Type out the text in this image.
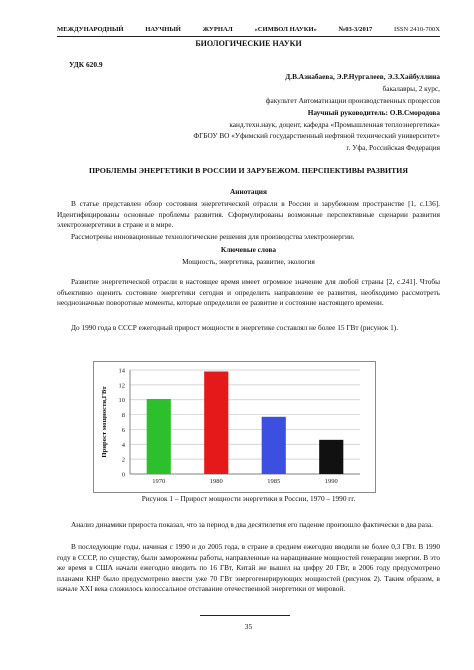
МЕЖДУНАРОДНЫЙ	НАУЧНЫЙ	ЖУРНАЛ	«СИМВОЛ НАУКИ»	№03-3/2017	ISSN 2410-700Х
БИОЛОГИЧЕСКИЕ НАУКИ
УДК 620.9
Д.В.Азнабаева, Э.Р.Нургалеев, Э.З.Хайбуллина
бакалавры, 2 курс,
факультет Автоматизации производственных процессов
Научный руководитель: О.В.Смородова
канд.техн.наук, доцент, кафедра «Промышленная теплоэнергетика»
ФГБОУ ВО «Уфимский государственный нефтяной технический университет»
г. Уфа, Российская Федерация
ПРОБЛЕМЫ ЭНЕРГЕТИКИ В РОССИИ И ЗАРУБЕЖОМ. ПЕРСПЕКТИВЫ РАЗВИТИЯ
Аннотация

В статье представлен обзор состояния энергетической отрасли в России и зарубежном пространстве [1, с.136]. Идентифицированы основные проблемы развития. Сформулированы возможные перспективные сценарии развития электроэнергетики в стране и в мире.

Рассмотрены инновационные технологические решения для производства электроэнергии.

Ключевые слова
Мощность, энергетика, развитие, экология

Развитие энергетической отрасли в настоящее время имеет огромное значение для любой страны [2, с.241]. Чтобы объективно оценить состояние энергетики сегодня и определить направление ее развития, необходимо рассмотреть неоднозначные поворотные моменты, которые определили ее развитие и состояние настоящего времени.

До 1990 года в СССР ежегодный прирост мощности в энергетике составлял не более 15 ГВт (рисунок 1).

0
2
4
6
8
10
12
14
1970	1980	1985	1990
Прирост мощности,ГВт
Рисунок 1 – Прирост мощности энергетики в России, 1970 – 1990 гг.

Анализ динамики прироста показал, что за период в два десятилетия его падение произошло фактически в два раза.

В последующие годы, начиная с 1990 и до 2005 года, в стране в среднем ежегодно вводили не более 0,3 ГВт. В 1990 году в СССР, по существу, были заморожены работы, направленные на наращивание мощностей генерации энергии. В это же время в США начали ежегодно вводить по 16 ГВт, Китай же вышел на цифру 20 ГВт, в 2006 году предусмотрено планами КНР было предусмотрено ввести уже 70 ГВт энергогенерирующих мощностей (рисунок 2). Таким образом, в начале XXI века сложилось колоссальное отставание отечественной энергетики от мировой.

35
